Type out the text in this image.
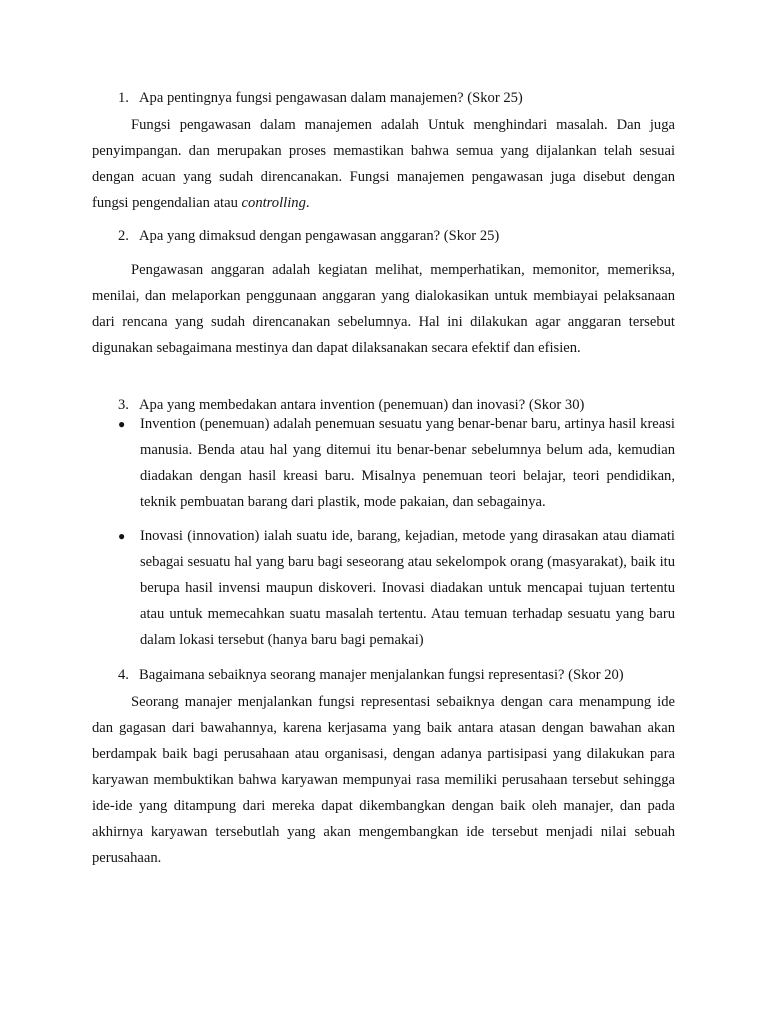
1. Apa pentingnya fungsi pengawasan dalam manajemen? (Skor 25)

Fungsi pengawasan dalam manajemen adalah Untuk menghindari masalah. Dan juga penyimpangan. dan merupakan proses memastikan bahwa semua yang dijalankan telah sesuai dengan acuan yang sudah direncanakan. Fungsi manajemen pengawasan juga disebut dengan fungsi pengendalian atau controlling.

2. Apa yang dimaksud dengan pengawasan anggaran? (Skor 25)

Pengawasan anggaran adalah kegiatan melihat, memperhatikan, memonitor, memeriksa, menilai, dan melaporkan penggunaan anggaran yang dialokasikan untuk membiayai pelaksanaan dari rencana yang sudah direncanakan sebelumnya. Hal ini dilakukan agar anggaran tersebut digunakan sebagaimana mestinya dan dapat dilaksanakan secara efektif dan efisien.

3. Apa yang membedakan antara invention (penemuan) dan inovasi? (Skor 30)
● Invention (penemuan) adalah penemuan sesuatu yang benar-benar baru, artinya hasil kreasi manusia. Benda atau hal yang ditemui itu benar-benar sebelumnya belum ada, kemudian diadakan dengan hasil kreasi baru. Misalnya penemuan teori belajar, teori pendidikan, teknik pembuatan barang dari plastik, mode pakaian, dan sebagainya.
● Inovasi (innovation) ialah suatu ide, barang, kejadian, metode yang dirasakan atau diamati sebagai sesuatu hal yang baru bagi seseorang atau sekelompok orang (masyarakat), baik itu berupa hasil invensi maupun diskoveri. Inovasi diadakan untuk mencapai tujuan tertentu atau untuk memecahkan suatu masalah tertentu. Atau temuan terhadap sesuatu yang baru dalam lokasi tersebut (hanya baru bagi pemakai)
4. Bagaimana sebaiknya seorang manajer menjalankan fungsi representasi? (Skor 20)

Seorang manajer menjalankan fungsi representasi sebaiknya dengan cara menampung ide dan gagasan dari bawahannya, karena kerjasama yang baik antara atasan dengan bawahan akan berdampak baik bagi perusahaan atau organisasi, dengan adanya partisipasi yang dilakukan para karyawan membuktikan bahwa karyawan mempunyai rasa memiliki perusahaan tersebut sehingga ide-ide yang ditampung dari mereka dapat dikembangkan dengan baik oleh manajer, dan pada akhirnya karyawan tersebutlah yang akan mengembangkan ide tersebut menjadi nilai sebuah perusahaan.
